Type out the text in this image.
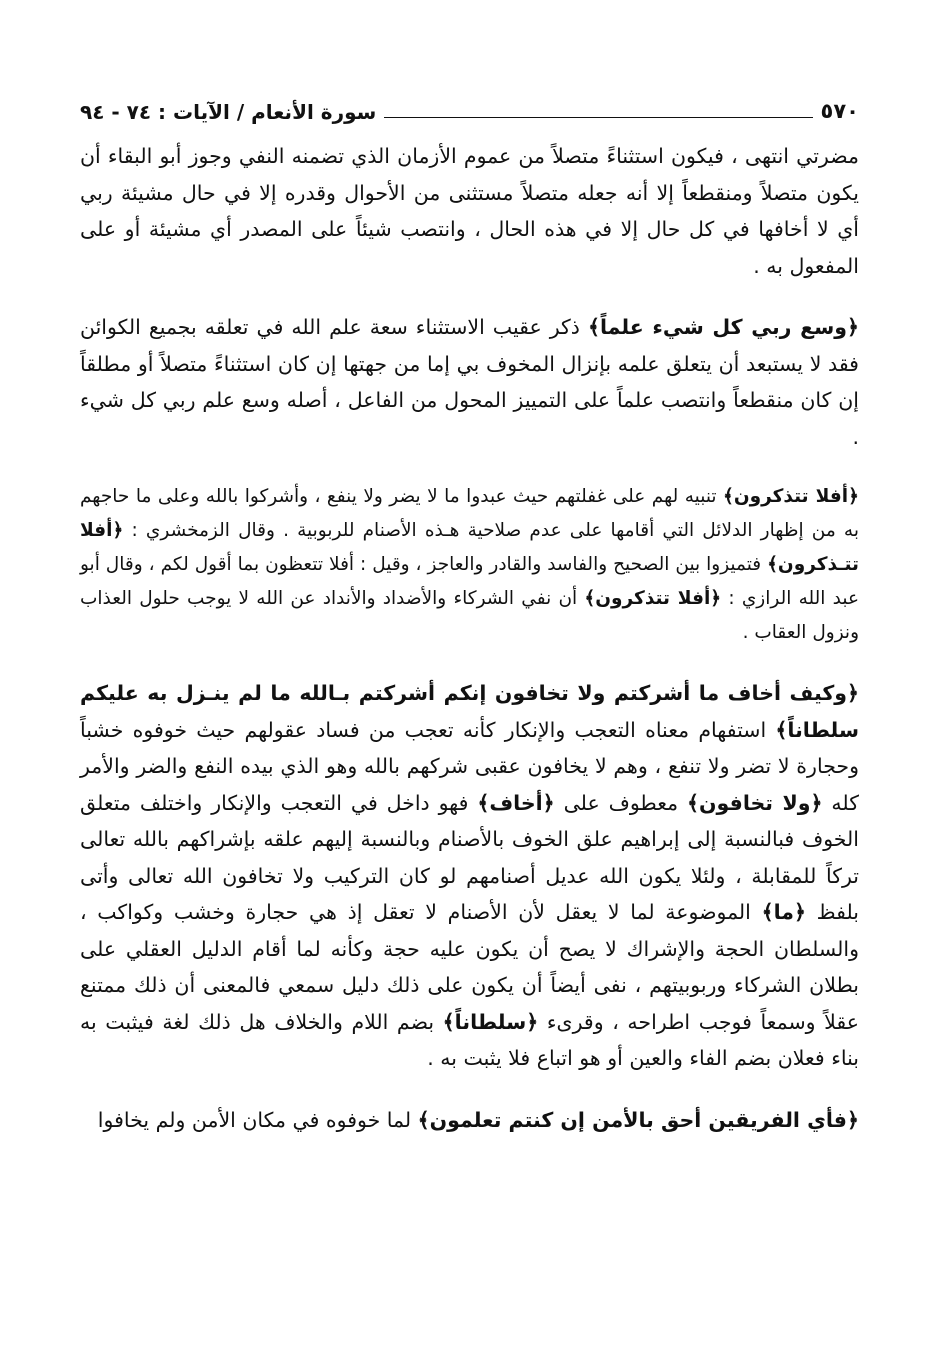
٥٧٠
سورة الأنعام / الآيات : ٧٤ - ٩٤

مضرتي انتهى ، فيكون استثناءً متصلاً من عموم الأزمان الذي تضمنه النفي وجوز أبو البقاء أن يكون متصلاً ومنقطعاً إلا أنه جعله متصلاً مستثنى من الأحوال وقدره إلا في حال مشيئة ربي أي لا أخافها في كل حال إلا في هذه الحال ، وانتصب شيئاً على المصدر أي مشيئة أو على المفعول به .

﴿وسع ربي كل شيء علماً﴾ ذكر عقيب الاستثناء سعة علم الله في تعلقه بجميع الكوائن فقد لا يستبعد أن يتعلق علمه بإنزال المخوف بي إما من جهتها إن كان استثناءً متصلاً أو مطلقاً إن كان منقطعاً وانتصب علماً على التمييز المحول من الفاعل ، أصله وسع علم ربي كل شيء .

﴿أفلا تتذكرون﴾ تنبيه لهم على غفلتهم حيث عبدوا ما لا يضر ولا ينفع ، وأشركوا بالله وعلى ما حاجهم به من إظهار الدلائل التي أقامها على عدم صلاحية هـذه الأصنام للربوبية . وقال الزمخشري : ﴿أفلا تتـذكرون﴾ فتميزوا بين الصحيح والفاسد والقادر والعاجز ، وقيل : أفلا تتعظون بما أقول لكم ، وقال أبو عبد الله الرازي : ﴿أفلا تتذكرون﴾ أن نفي الشركاء والأضداد والأنداد عن الله لا يوجب حلول العذاب ونزول العقاب .

﴿وكيف أخاف ما أشركتم ولا تخافون إنكم أشركتم بـالله ما لم ينـزل به عليكم سلطاناً﴾ استفهام معناه التعجب والإنكار كأنه تعجب من فساد عقولهم حيث خوفوه خشباً وحجارة لا تضر ولا تنفع ، وهم لا يخافون عقبى شركهم بالله وهو الذي بيده النفع والضر والأمر كله ﴿ولا تخافون﴾ معطوف على ﴿أخاف﴾ فهو داخل في التعجب والإنكار واختلف متعلق الخوف فبالنسبة إلى إبراهيم علق الخوف بالأصنام وبالنسبة إليهم علقه بإشراكهم بالله تعالى تركاً للمقابلة ، ولئلا يكون الله عديل أصنامهم لو كان التركيب ولا تخافون الله تعالى وأتى بلفظ ﴿ما﴾ الموضوعة لما لا يعقل لأن الأصنام لا تعقل إذ هي حجارة وخشب وكواكب ، والسلطان الحجة والإشراك لا يصح أن يكون عليه حجة وكأنه لما أقام الدليل العقلي على بطلان الشركاء وربوبيتهم ، نفى أيضاً أن يكون على ذلك دليل سمعي فالمعنى أن ذلك ممتنع عقلاً وسمعاً فوجب اطراحه ، وقرىء ﴿سلطاناً﴾ بضم اللام والخلاف هل ذلك لغة فيثبت به بناء فعلان بضم الفاء والعين أو هو اتباع فلا يثبت به .

﴿فأي الفريقين أحق بالأمن إن كنتم تعلمون﴾ لما خوفوه في مكان الأمن ولم يخافوا
